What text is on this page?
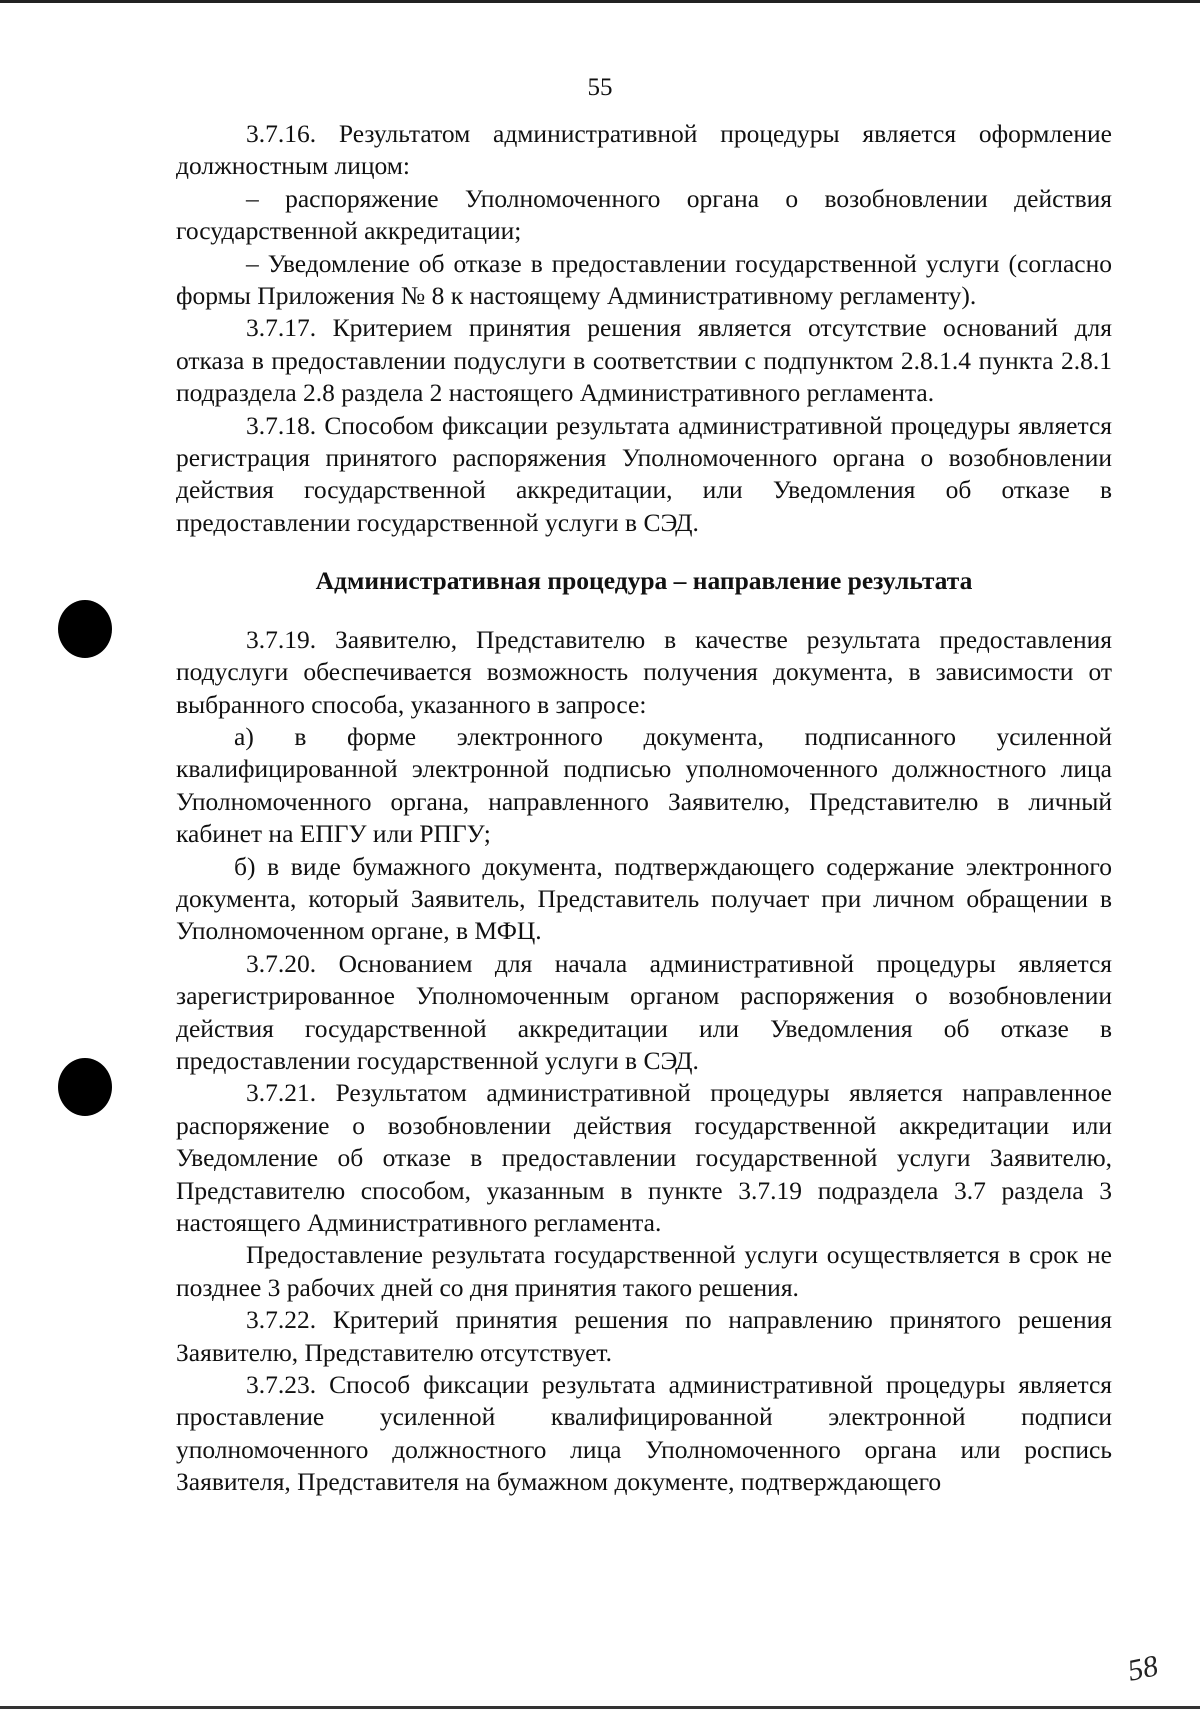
55

3.7.16. Результатом административной процедуры является оформление должностным лицом:

– распоряжение Уполномоченного органа о возобновлении действия государственной аккредитации;

– Уведомление об отказе в предоставлении государственной услуги (согласно формы Приложения № 8 к настоящему Административному регламенту).

3.7.17. Критерием принятия решения является отсутствие оснований для отказа в предоставлении подуслуги в соответствии с подпунктом 2.8.1.4 пункта 2.8.1 подраздела 2.8 раздела 2 настоящего Административного регламента.

3.7.18. Способом фиксации результата административной процедуры является регистрация принятого распоряжения Уполномоченного органа о возобновлении действия государственной аккредитации, или Уведомления об отказе в предоставлении государственной услуги в СЭД.

Административная процедура – направление результата

3.7.19. Заявителю, Представителю в качестве результата предоставления подуслуги обеспечивается возможность получения документа, в зависимости от выбранного способа, указанного в запросе:

а) в форме электронного документа, подписанного усиленной квалифицированной электронной подписью уполномоченного должностного лица Уполномоченного органа, направленного Заявителю, Представителю в личный кабинет на ЕПГУ или РПГУ;

б) в виде бумажного документа, подтверждающего содержание электронного документа, который Заявитель, Представитель получает при личном обращении в Уполномоченном органе, в МФЦ.

3.7.20. Основанием для начала административной процедуры является зарегистрированное Уполномоченным органом распоряжения о возобновлении действия государственной аккредитации или Уведомления об отказе в предоставлении государственной услуги в СЭД.

3.7.21. Результатом административной процедуры является направленное распоряжение о возобновлении действия государственной аккредитации или Уведомление об отказе в предоставлении государственной услуги Заявителю, Представителю способом, указанным в пункте 3.7.19 подраздела 3.7 раздела 3 настоящего Административного регламента.

Предоставление результата государственной услуги осуществляется в срок не позднее 3 рабочих дней со дня принятия такого решения.

3.7.22. Критерий принятия решения по направлению принятого решения Заявителю, Представителю отсутствует.

3.7.23. Способ фиксации результата административной процедуры является проставление усиленной квалифицированной электронной подписи уполномоченного должностного лица Уполномоченного органа или роспись Заявителя, Представителя на бумажном документе, подтверждающего

58
